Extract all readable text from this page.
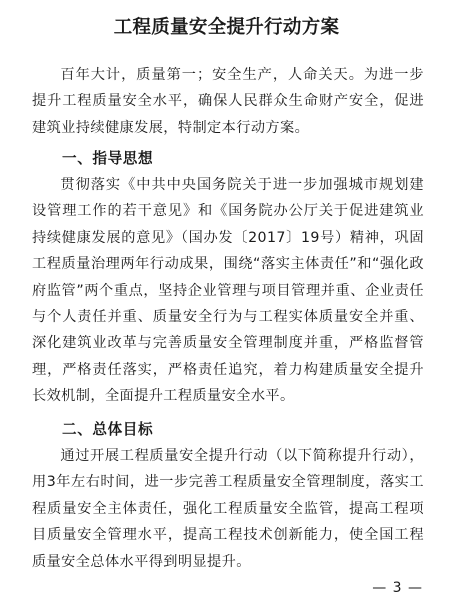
工程质量安全提升行动方案

百年大计，质量第一；安全生产，人命关天。为进一步提升工程质量安全水平，确保人民群众生命财产安全，促进建筑业持续健康发展，特制定本行动方案。

一、指导思想

贯彻落实《中共中央国务院关于进一步加强城市规划建设管理工作的若干意见》和《国务院办公厅关于促进建筑业持续健康发展的意见》（国办发〔2017〕19号）精神，巩固工程质量治理两年行动成果，围绕“落实主体责任”和“强化政府监管”两个重点，坚持企业管理与项目管理并重、企业责任与个人责任并重、质量安全行为与工程实体质量安全并重、深化建筑业改革与完善质量安全管理制度并重，严格监督管理，严格责任落实，严格责任追究，着力构建质量安全提升长效机制，全面提升工程质量安全水平。

二、总体目标

通过开展工程质量安全提升行动（以下简称提升行动），用3年左右时间，进一步完善工程质量安全管理制度，落实工程质量安全主体责任，强化工程质量安全监管，提高工程项目质量安全管理水平，提高工程技术创新能力，使全国工程质量安全总体水平得到明显提升。

— 3 —
